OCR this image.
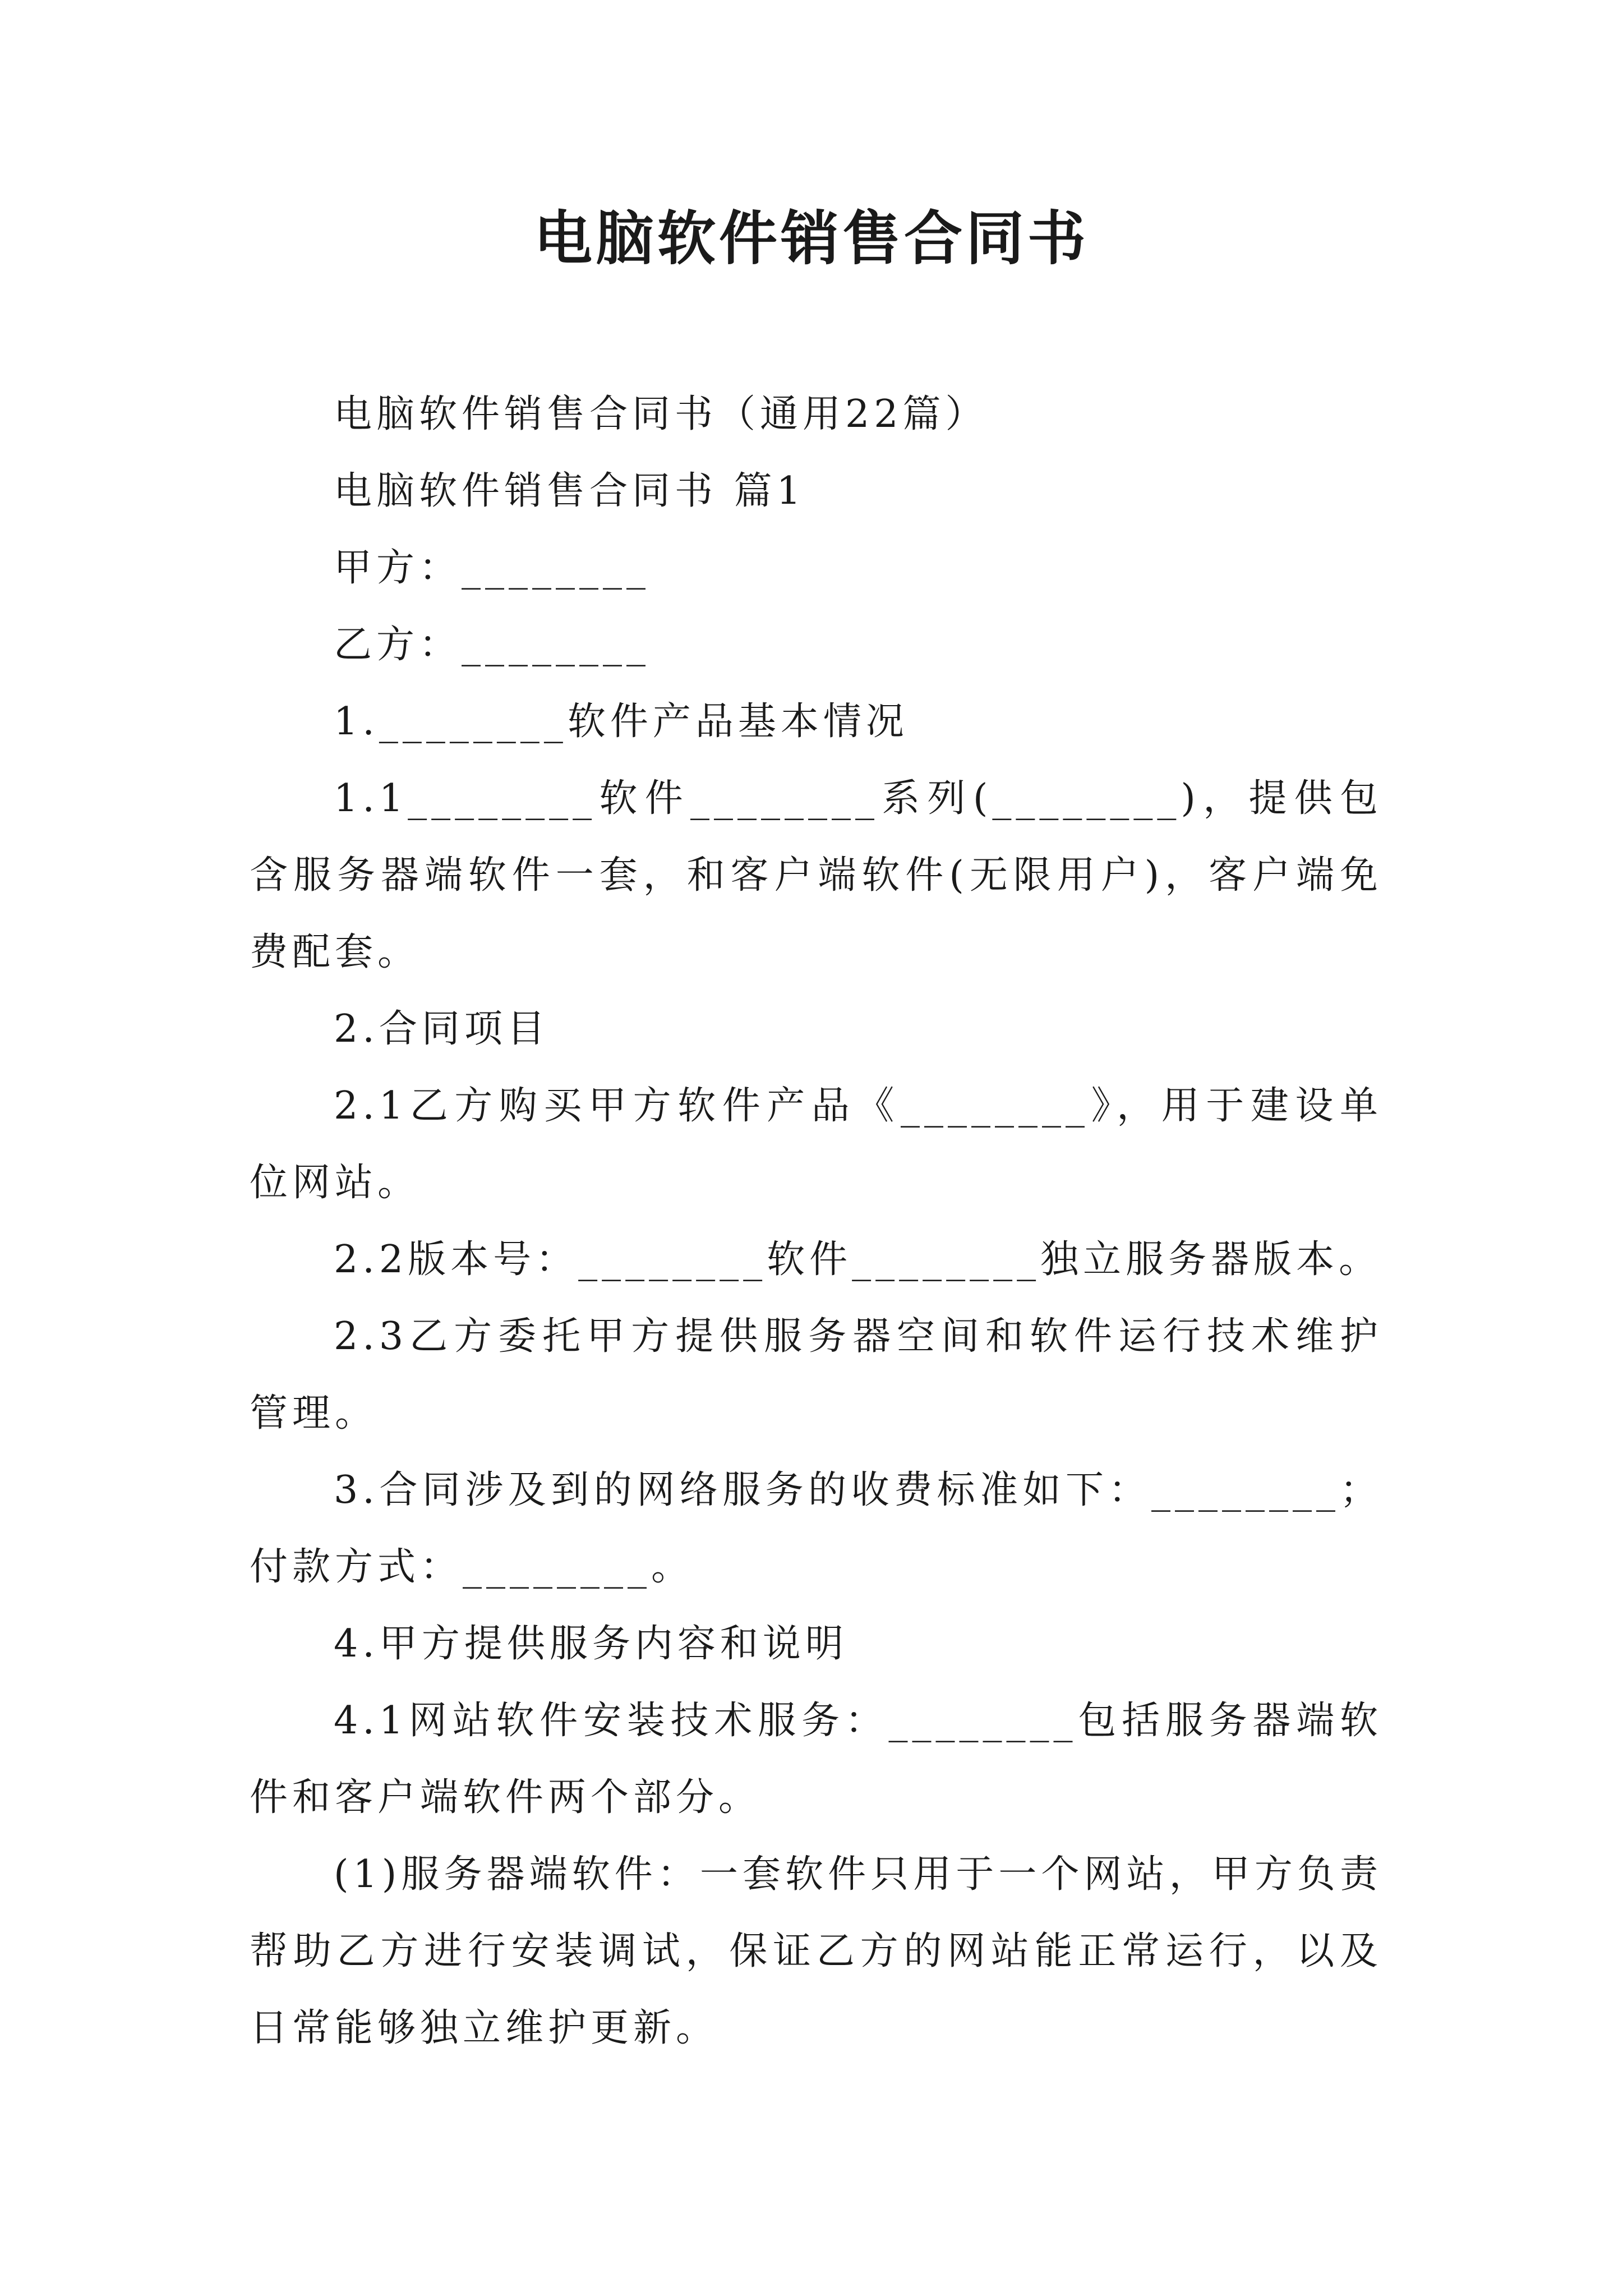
电脑软件销售合同书

电脑软件销售合同书（通用22篇）

电脑软件销售合同书 篇1

甲方：________

乙方：________

1.________软件产品基本情况

1.1________软件________系列(________)，提供包含服务器端软件一套，和客户端软件(无限用户)，客户端免费配套。

2.合同项目

2.1乙方购买甲方软件产品《________》，用于建设单位网站。

2.2版本号：________软件________独立服务器版本。

2.3乙方委托甲方提供服务器空间和软件运行技术维护管理。

3.合同涉及到的网络服务的收费标准如下：________；付款方式：________。

4.甲方提供服务内容和说明

4.1网站软件安装技术服务：________包括服务器端软件和客户端软件两个部分。

(1)服务器端软件：一套软件只用于一个网站，甲方负责帮助乙方进行安装调试，保证乙方的网站能正常运行，以及日常能够独立维护更新。
